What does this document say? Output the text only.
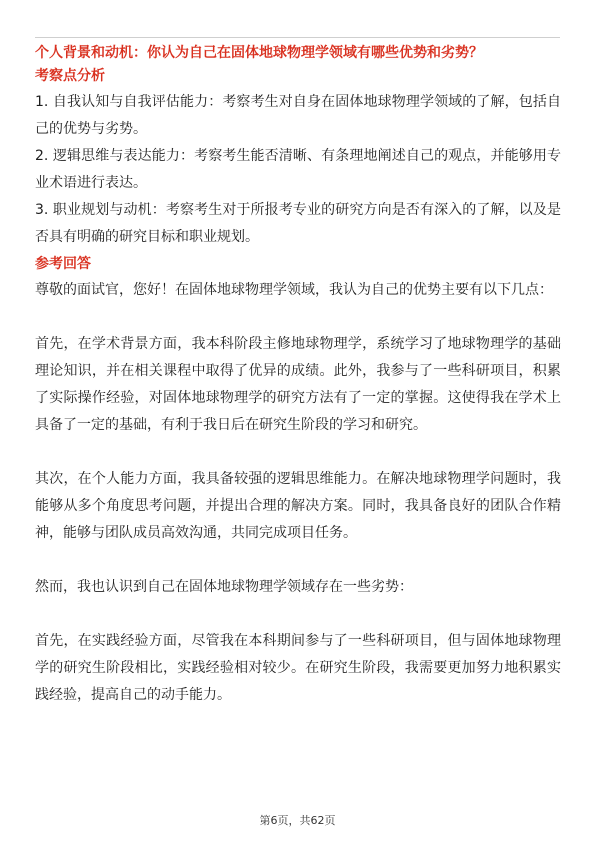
个人背景和动机：你认为自己在固体地球物理学领域有哪些优势和劣势？
考察点分析

1. 自我认知与自我评估能力：考察考生对自身在固体地球物理学领域的了解，包括自己的优势与劣势。

2. 逻辑思维与表达能力：考察考生能否清晰、有条理地阐述自己的观点，并能够用专业术语进行表达。

3. 职业规划与动机：考察考生对于所报考专业的研究方向是否有深入的了解，以及是否具有明确的研究目标和职业规划。

参考回答

尊敬的面试官，您好！在固体地球物理学领域，我认为自己的优势主要有以下几点：

首先，在学术背景方面，我本科阶段主修地球物理学，系统学习了地球物理学的基础理论知识，并在相关课程中取得了优异的成绩。此外，我参与了一些科研项目，积累了实际操作经验，对固体地球物理学的研究方法有了一定的掌握。这使得我在学术上具备了一定的基础，有利于我日后在研究生阶段的学习和研究。

其次，在个人能力方面，我具备较强的逻辑思维能力。在解决地球物理学问题时，我能够从多个角度思考问题，并提出合理的解决方案。同时，我具备良好的团队合作精神，能够与团队成员高效沟通，共同完成项目任务。

然而，我也认识到自己在固体地球物理学领域存在一些劣势：

首先，在实践经验方面，尽管我在本科期间参与了一些科研项目，但与固体地球物理学的研究生阶段相比，实践经验相对较少。在研究生阶段，我需要更加努力地积累实践经验，提高自己的动手能力。

第6页，共62页
